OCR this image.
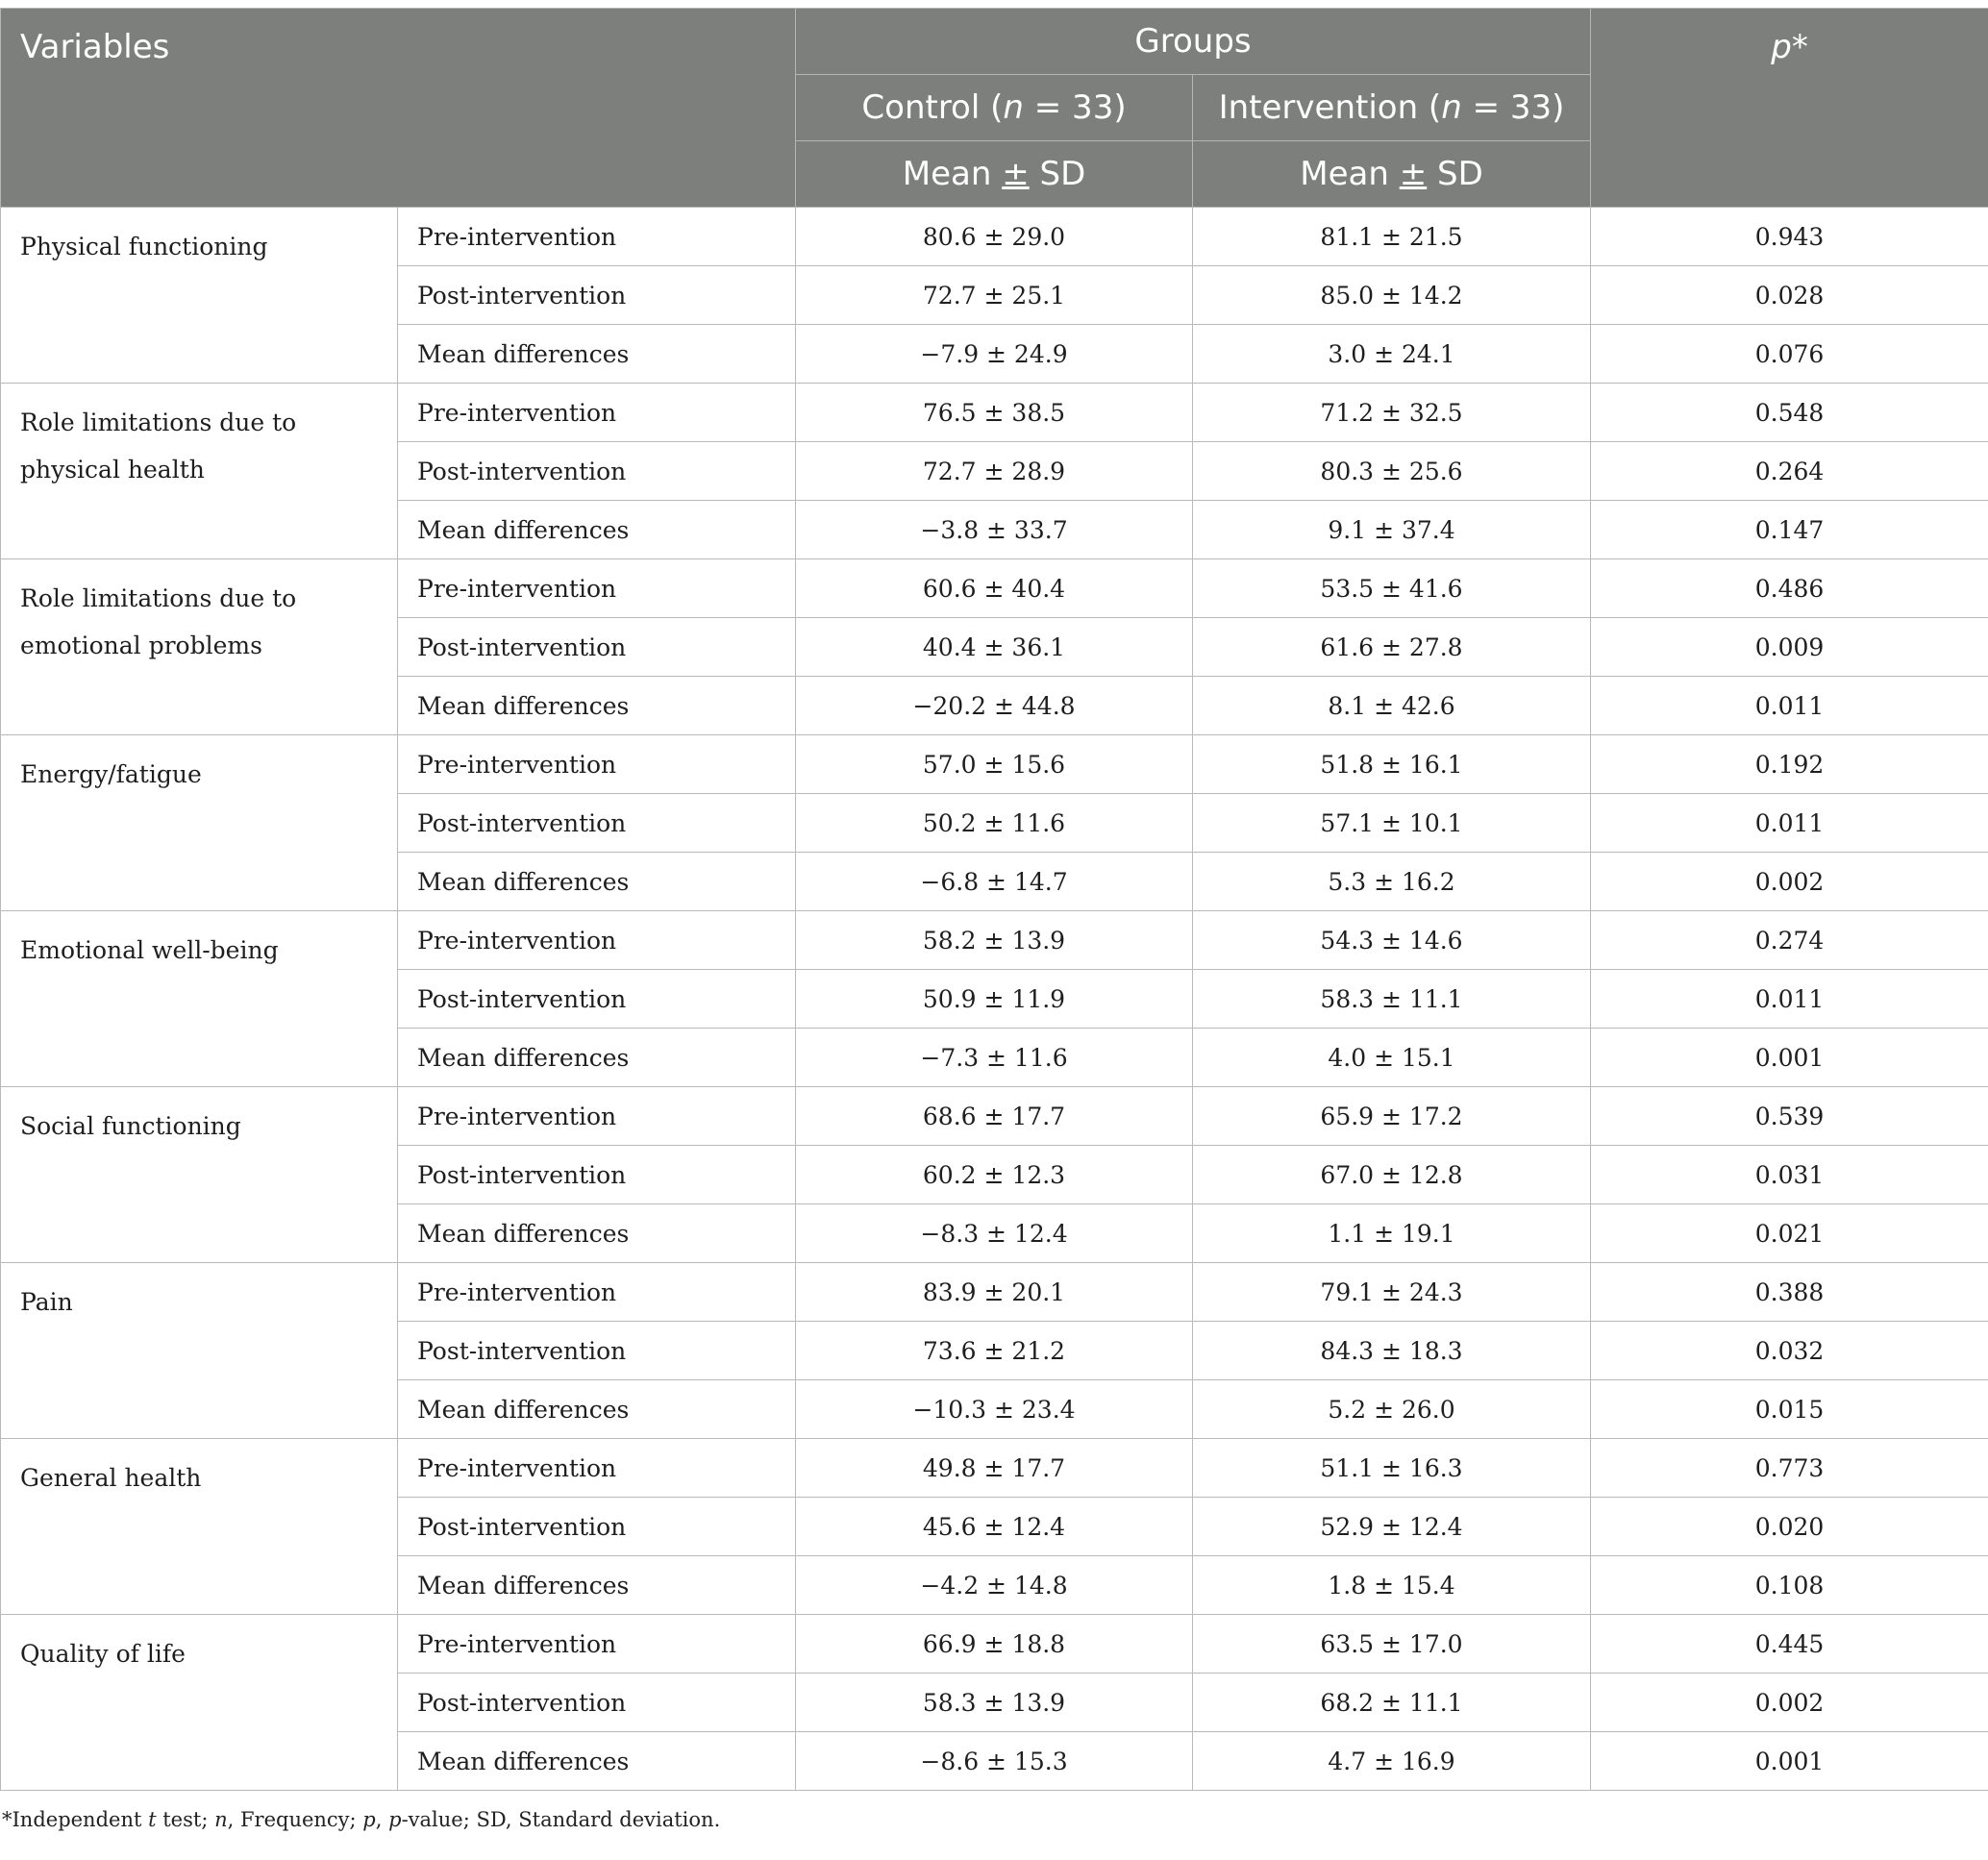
Variables		Groups		p*
		Control (n = 33)	Intervention (n = 33)	
		Mean ± SD	Mean ± SD	
Physical functioning	Pre-intervention	80.6 ± 29.0	81.1 ± 21.5	0.943
	Post-intervention	72.7 ± 25.1	85.0 ± 14.2	0.028
	Mean differences	−7.9 ± 24.9	3.0 ± 24.1	0.076
Role limitations due to physical health	Pre-intervention	76.5 ± 38.5	71.2 ± 32.5	0.548
	Post-intervention	72.7 ± 28.9	80.3 ± 25.6	0.264
	Mean differences	−3.8 ± 33.7	9.1 ± 37.4	0.147
Role limitations due to emotional problems	Pre-intervention	60.6 ± 40.4	53.5 ± 41.6	0.486
	Post-intervention	40.4 ± 36.1	61.6 ± 27.8	0.009
	Mean differences	−20.2 ± 44.8	8.1 ± 42.6	0.011
Energy/fatigue	Pre-intervention	57.0 ± 15.6	51.8 ± 16.1	0.192
	Post-intervention	50.2 ± 11.6	57.1 ± 10.1	0.011
	Mean differences	−6.8 ± 14.7	5.3 ± 16.2	0.002
Emotional well-being	Pre-intervention	58.2 ± 13.9	54.3 ± 14.6	0.274
	Post-intervention	50.9 ± 11.9	58.3 ± 11.1	0.011
	Mean differences	−7.3 ± 11.6	4.0 ± 15.1	0.001
Social functioning	Pre-intervention	68.6 ± 17.7	65.9 ± 17.2	0.539
	Post-intervention	60.2 ± 12.3	67.0 ± 12.8	0.031
	Mean differences	−8.3 ± 12.4	1.1 ± 19.1	0.021
Pain	Pre-intervention	83.9 ± 20.1	79.1 ± 24.3	0.388
	Post-intervention	73.6 ± 21.2	84.3 ± 18.3	0.032
	Mean differences	−10.3 ± 23.4	5.2 ± 26.0	0.015
General health	Pre-intervention	49.8 ± 17.7	51.1 ± 16.3	0.773
	Post-intervention	45.6 ± 12.4	52.9 ± 12.4	0.020
	Mean differences	−4.2 ± 14.8	1.8 ± 15.4	0.108
Quality of life	Pre-intervention	66.9 ± 18.8	63.5 ± 17.0	0.445
	Post-intervention	58.3 ± 13.9	68.2 ± 11.1	0.002
	Mean differences	−8.6 ± 15.3	4.7 ± 16.9	0.001
*Independent t test; n, Frequency; p, p-value; SD, Standard deviation.
